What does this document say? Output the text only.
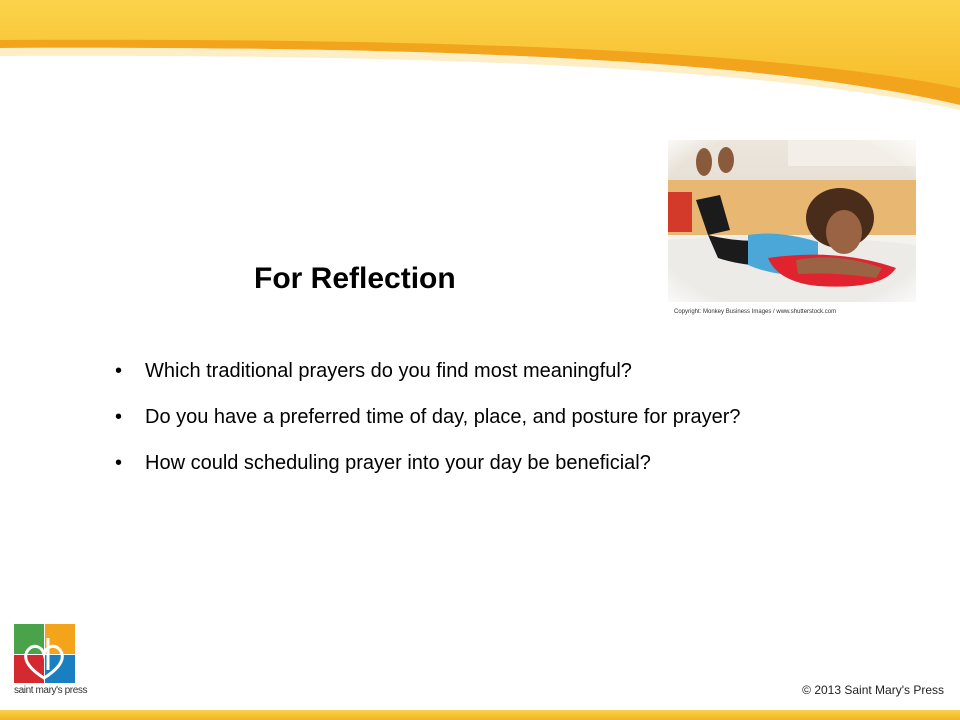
Copyright: Monkey Business Images / www.shutterstock.com
For Reflection
• Which traditional prayers do you find most meaningful?
• Do you have a preferred time of day, place, and posture for prayer?
• How could scheduling prayer into your day be beneficial?
saint mary's press	© 2013 Saint Mary's Press
